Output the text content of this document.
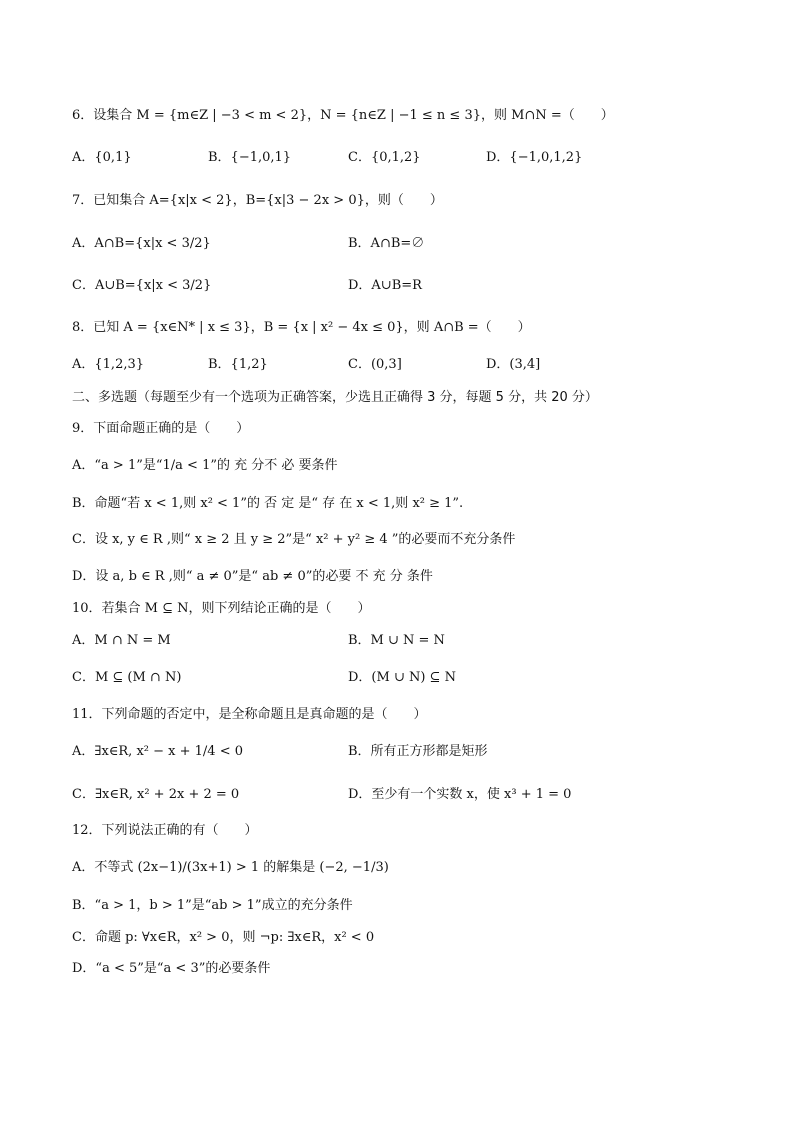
6．设集合 M = {m∈Z | −3 < m < 2}，N = {n∈Z | −1 ≤ n ≤ 3}，则 M∩N =（　　）
A．{0,1}	B．{−1,0,1}	C．{0,1,2}	D．{−1,0,1,2}
7．已知集合 A={x|x < 2}，B={x|3 − 2x > 0}，则（　　）
A．A∩B={x|x < 3/2}	B．A∩B=∅
C．A∪B={x|x < 3/2}	D．A∪B=R
8．已知 A = {x∈N* | x ≤ 3}，B = {x | x² − 4x ≤ 0}，则 A∩B =（　　）
A．{1,2,3}	B．{1,2}	C．(0,3]	D．(3,4]
二、多选题（每题至少有一个选项为正确答案，少选且正确得 3 分，每题 5 分，共 20 分）
9．下面命题正确的是（　　）
A．“a > 1”是“1/a < 1”的 充 分不 必 要条件
B．命题“若 x < 1,则 x² < 1”的 否 定 是“ 存 在 x < 1,则 x² ≥ 1”.
C．设 x, y ∈ R ,则“ x ≥ 2 且 y ≥ 2”是“ x² + y² ≥ 4 ”的必要而不充分条件
D．设 a, b ∈ R ,则“ a ≠ 0”是“ ab ≠ 0”的必要 不 充 分 条件
10．若集合 M ⊆ N，则下列结论正确的是（　　）
A．M ∩ N = M	B．M ∪ N = N
C．M ⊆ (M ∩ N)	D．(M ∪ N) ⊆ N
11．下列命题的否定中，是全称命题且是真命题的是（　　）
A．∃x∈R, x² − x + 1/4 < 0	B．所有正方形都是矩形
C．∃x∈R, x² + 2x + 2 = 0	D．至少有一个实数 x，使 x³ + 1 = 0
12．下列说法正确的有（　　）
A．不等式 (2x−1)/(3x+1) > 1 的解集是 (−2, −1/3)
B．“a > 1，b > 1”是“ab > 1”成立的充分条件
C．命题 p: ∀x∈R，x² > 0，则 ¬p: ∃x∈R，x² < 0
D．“a < 5”是“a < 3”的必要条件
